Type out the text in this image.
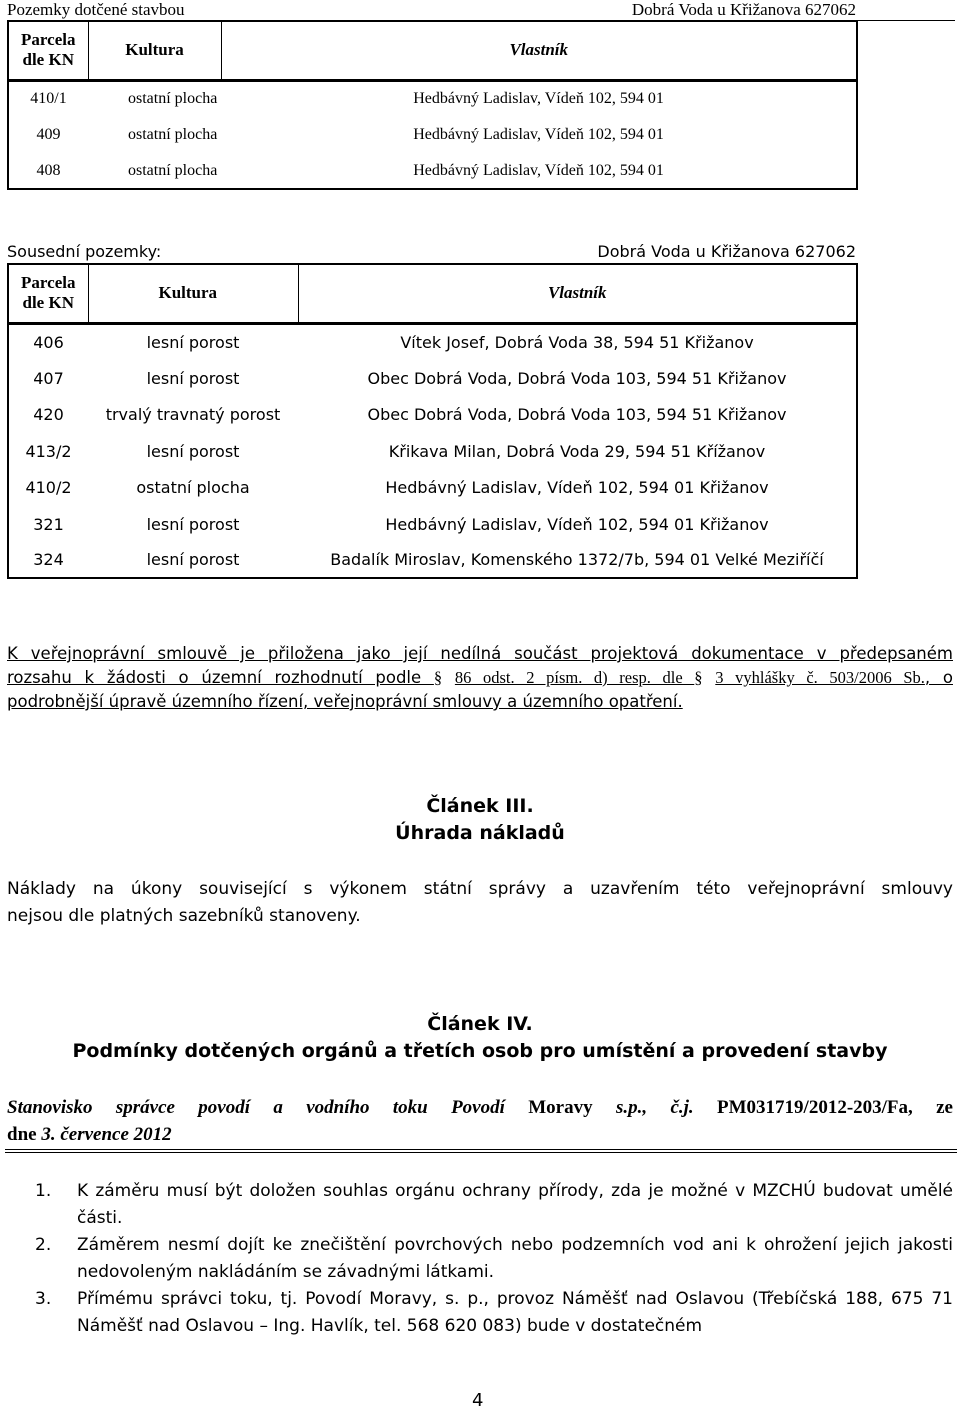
Pozemky dotčené stavbou	Dobrá Voda u Křižanova 627062
Parcela dle KN	Kultura	Vlastník
410/1	ostatní plocha	Hedbávný Ladislav, Vídeň 102, 594 01
409	ostatní plocha	Hedbávný Ladislav, Vídeň 102, 594 01
408	ostatní plocha	Hedbávný Ladislav, Vídeň 102, 594 01
Sousední pozemky:	Dobrá Voda u Křižanova 627062
Parcela dle KN	Kultura	Vlastník
406	lesní porost	Vítek Josef, Dobrá Voda 38, 594 51 Křižanov
407	lesní porost	Obec Dobrá Voda, Dobrá Voda 103, 594 51 Křižanov
420	trvalý travnatý porost	Obec Dobrá Voda, Dobrá Voda 103, 594 51 Křižanov
413/2	lesní porost	Křikava Milan, Dobrá Voda 29, 594 51 Křížanov
410/2	ostatní plocha	Hedbávný Ladislav, Vídeň 102, 594 01 Křižanov
321	lesní porost	Hedbávný Ladislav, Vídeň 102, 594 01 Křižanov
324	lesní porost	Badalík Miroslav, Komenského 1372/7b, 594 01 Velké Meziříčí
K veřejnoprávní smlouvě je přiložena jako její nedílná součást projektová dokumentace v předepsaném
rozsahu k žádosti o územní rozhodnutí podle § 86 odst. 2 písm. d) resp. dle § 3 vyhlášky č. 503/2006 Sb., o
podrobnější úpravě územního řízení, veřejnoprávní smlouvy a územního opatření.
Článek III.
Úhrada nákladů
Náklady na úkony související s výkonem státní správy a uzavřením této veřejnoprávní smlouvy
nejsou dle platných sazebníků stanoveny.
Článek IV.
Podmínky dotčených orgánů a třetích osob pro umístění a provedení stavby
Stanovisko správce povodí a vodního toku Povodí Moravy s.p., č.j. PM031719/2012-203/Fa, ze
dne 3. července 2012
1. K záměru musí být doložen souhlas orgánu ochrany přírody, zda je možné v MZCHÚ budovat umělé části.
2. Záměrem nesmí dojít ke znečištění povrchových nebo podzemních vod ani k ohrožení jejich jakosti nedovoleným nakládáním se závadnými látkami.
3. Přímému správci toku, tj. Povodí Moravy, s. p., provoz Náměšť nad Oslavou (Třebíčská 188, 675 71 Náměšť nad Oslavou – Ing. Havlík, tel. 568 620 083) bude v dostatečném
4
